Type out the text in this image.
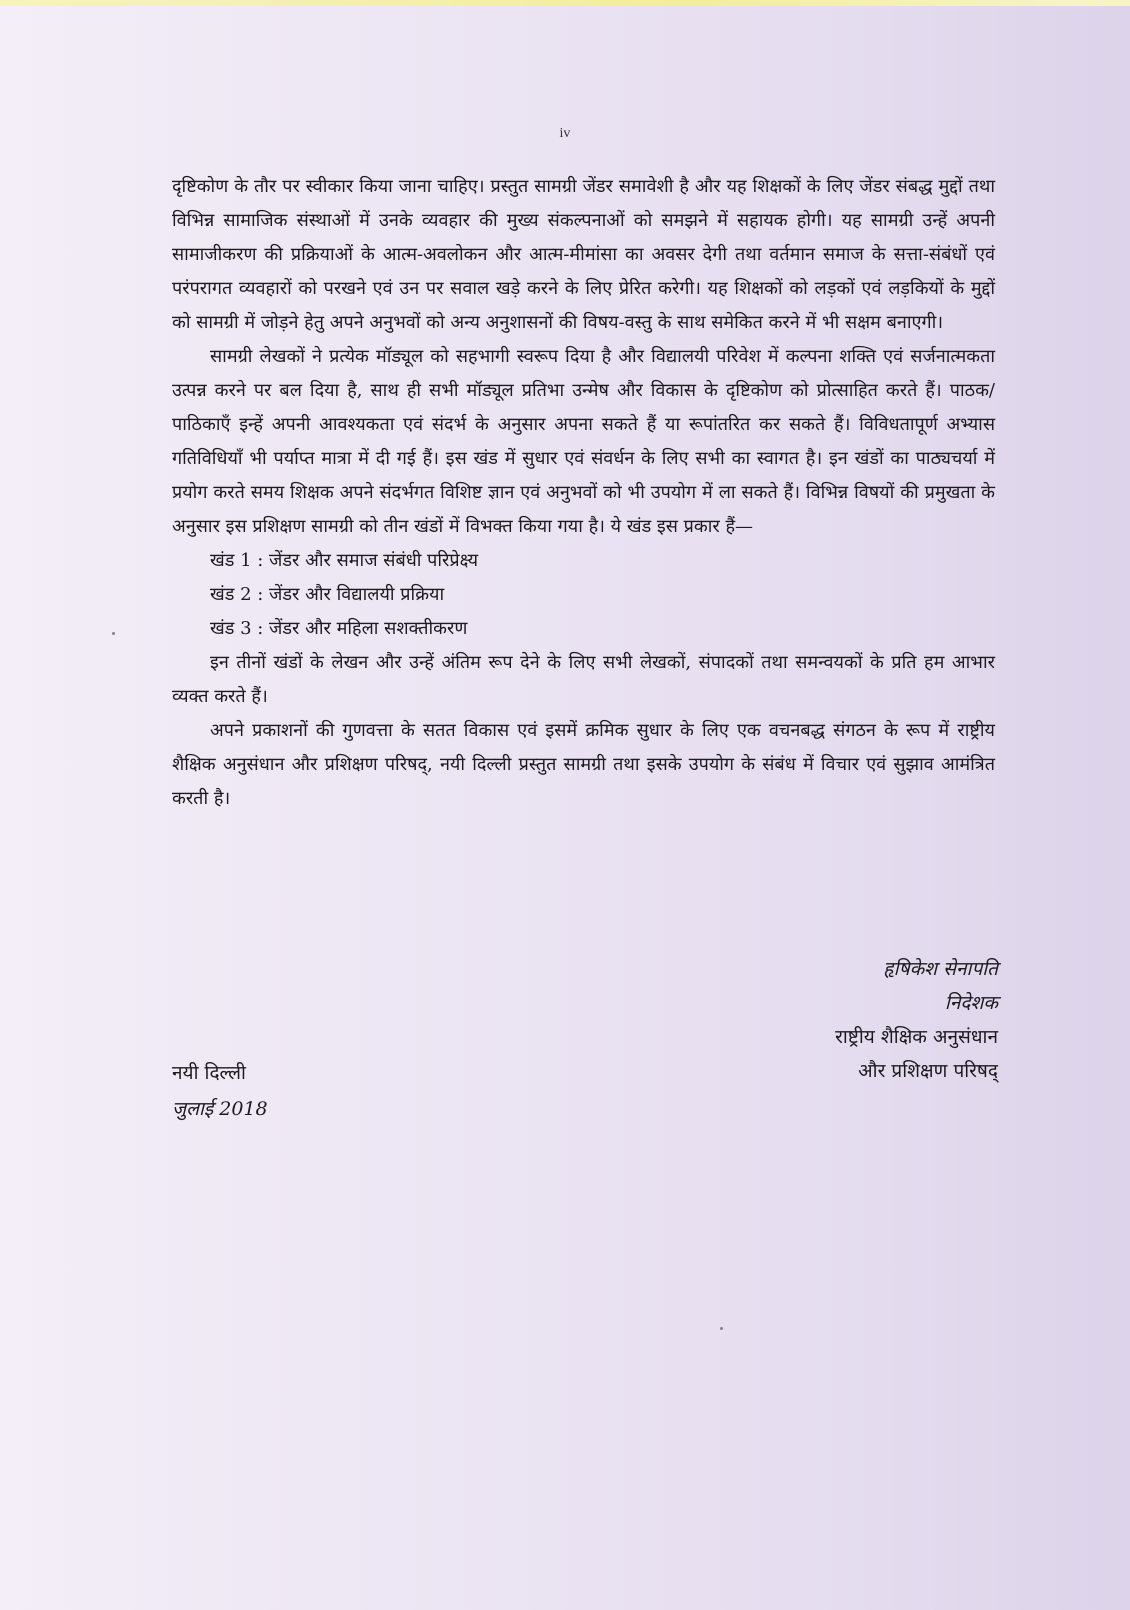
iv

दृष्टिकोण के तौर पर स्वीकार किया जाना चाहिए। प्रस्तुत सामग्री जेंडर समावेशी है और यह शिक्षकों के लिए जेंडर संबद्ध मुद्दों तथा विभिन्न सामाजिक संस्थाओं में उनके व्यवहार की मुख्य संकल्पनाओं को समझने में सहायक होगी। यह सामग्री उन्हें अपनी सामाजीकरण की प्रक्रियाओं के आत्म-अवलोकन और आत्म-मीमांसा का अवसर देगी तथा वर्तमान समाज के सत्ता-संबंधों एवं परंपरागत व्यवहारों को परखने एवं उन पर सवाल खड़े करने के लिए प्रेरित करेगी। यह शिक्षकों को लड़कों एवं लड़कियों के मुद्दों को सामग्री में जोड़ने हेतु अपने अनुभवों को अन्य अनुशासनों की विषय-वस्तु के साथ समेकित करने में भी सक्षम बनाएगी।

सामग्री लेखकों ने प्रत्येक मॉड्यूल को सहभागी स्वरूप दिया है और विद्यालयी परिवेश में कल्पना शक्ति एवं सर्जनात्मकता उत्पन्न करने पर बल दिया है, साथ ही सभी मॉड्यूल प्रतिभा उन्मेष और विकास के दृष्टिकोण को प्रोत्साहित करते हैं। पाठक/पाठिकाएँ इन्हें अपनी आवश्यकता एवं संदर्भ के अनुसार अपना सकते हैं या रूपांतरित कर सकते हैं। विविधतापूर्ण अभ्यास गतिविधियाँ भी पर्याप्त मात्रा में दी गई हैं। इस खंड में सुधार एवं संवर्धन के लिए सभी का स्वागत है। इन खंडों का पाठ्यचर्या में प्रयोग करते समय शिक्षक अपने संदर्भगत विशिष्ट ज्ञान एवं अनुभवों को भी उपयोग में ला सकते हैं। विभिन्न विषयों की प्रमुखता के अनुसार इस प्रशिक्षण सामग्री को तीन खंडों में विभक्त किया गया है। ये खंड इस प्रकार हैं—

खंड 1 : जेंडर और समाज संबंधी परिप्रेक्ष्य
खंड 2 : जेंडर और विद्यालयी प्रक्रिया
खंड 3 : जेंडर और महिला सशक्तीकरण

इन तीनों खंडों के लेखन और उन्हें अंतिम रूप देने के लिए सभी लेखकों, संपादकों तथा समन्वयकों के प्रति हम आभार व्यक्त करते हैं।

अपने प्रकाशनों की गुणवत्ता के सतत विकास एवं इसमें क्रमिक सुधार के लिए एक वचनबद्ध संगठन के रूप में राष्ट्रीय शैक्षिक अनुसंधान और प्रशिक्षण परिषद्, नयी दिल्ली प्रस्तुत सामग्री तथा इसके उपयोग के संबंध में विचार एवं सुझाव आमंत्रित करती है।

हृषिकेश सेनापति
निदेशक
राष्ट्रीय शैक्षिक अनुसंधान
और प्रशिक्षण परिषद्
नयी दिल्ली
जुलाई 2018
